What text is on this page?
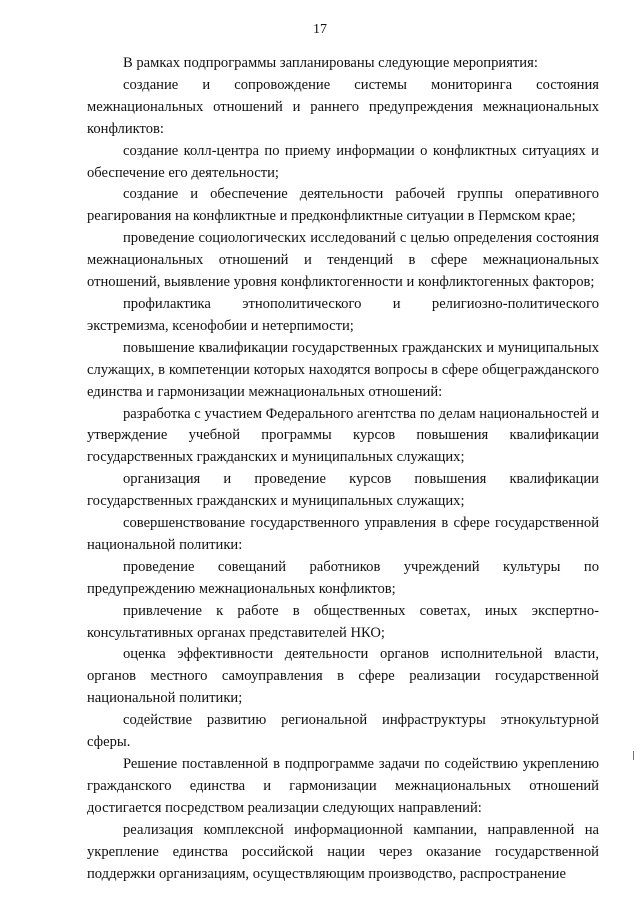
17

В рамках подпрограммы запланированы следующие мероприятия:

создание и сопровождение системы мониторинга состояния межнациональных отношений и раннего предупреждения межнациональных конфликтов:

создание колл-центра по приему информации о конфликтных ситуациях и обеспечение его деятельности;

создание и обеспечение деятельности рабочей группы оперативного реагирования на конфликтные и предконфликтные ситуации в Пермском крае;

проведение социологических исследований с целью определения состояния межнациональных отношений и тенденций в сфере межнациональных отношений, выявление уровня конфликтогенности и конфликтогенных факторов;

профилактика этнополитического и религиозно-политического экстремизма, ксенофобии и нетерпимости;

повышение квалификации государственных гражданских и муниципальных служащих, в компетенции которых находятся вопросы в сфере общегражданского единства и гармонизации межнациональных отношений:

разработка с участием Федерального агентства по делам национальностей и утверждение учебной программы курсов повышения квалификации государственных гражданских и муниципальных служащих;

организация и проведение курсов повышения квалификации государственных гражданских и муниципальных служащих;

совершенствование государственного управления в сфере государственной национальной политики:

проведение совещаний работников учреждений культуры по предупреждению межнациональных конфликтов;

привлечение к работе в общественных советах, иных экспертно-консультативных органах представителей НКО;

оценка эффективности деятельности органов исполнительной власти, органов местного самоуправления в сфере реализации государственной национальной политики;

содействие развитию региональной инфраструктуры этнокультурной сферы.

Решение поставленной в подпрограмме задачи по содействию укреплению гражданского единства и гармонизации межнациональных отношений достигается посредством реализации следующих направлений:

реализация комплексной информационной кампании, направленной на укрепление единства российской нации через оказание государственной поддержки организациям, осуществляющим производство, распространение
